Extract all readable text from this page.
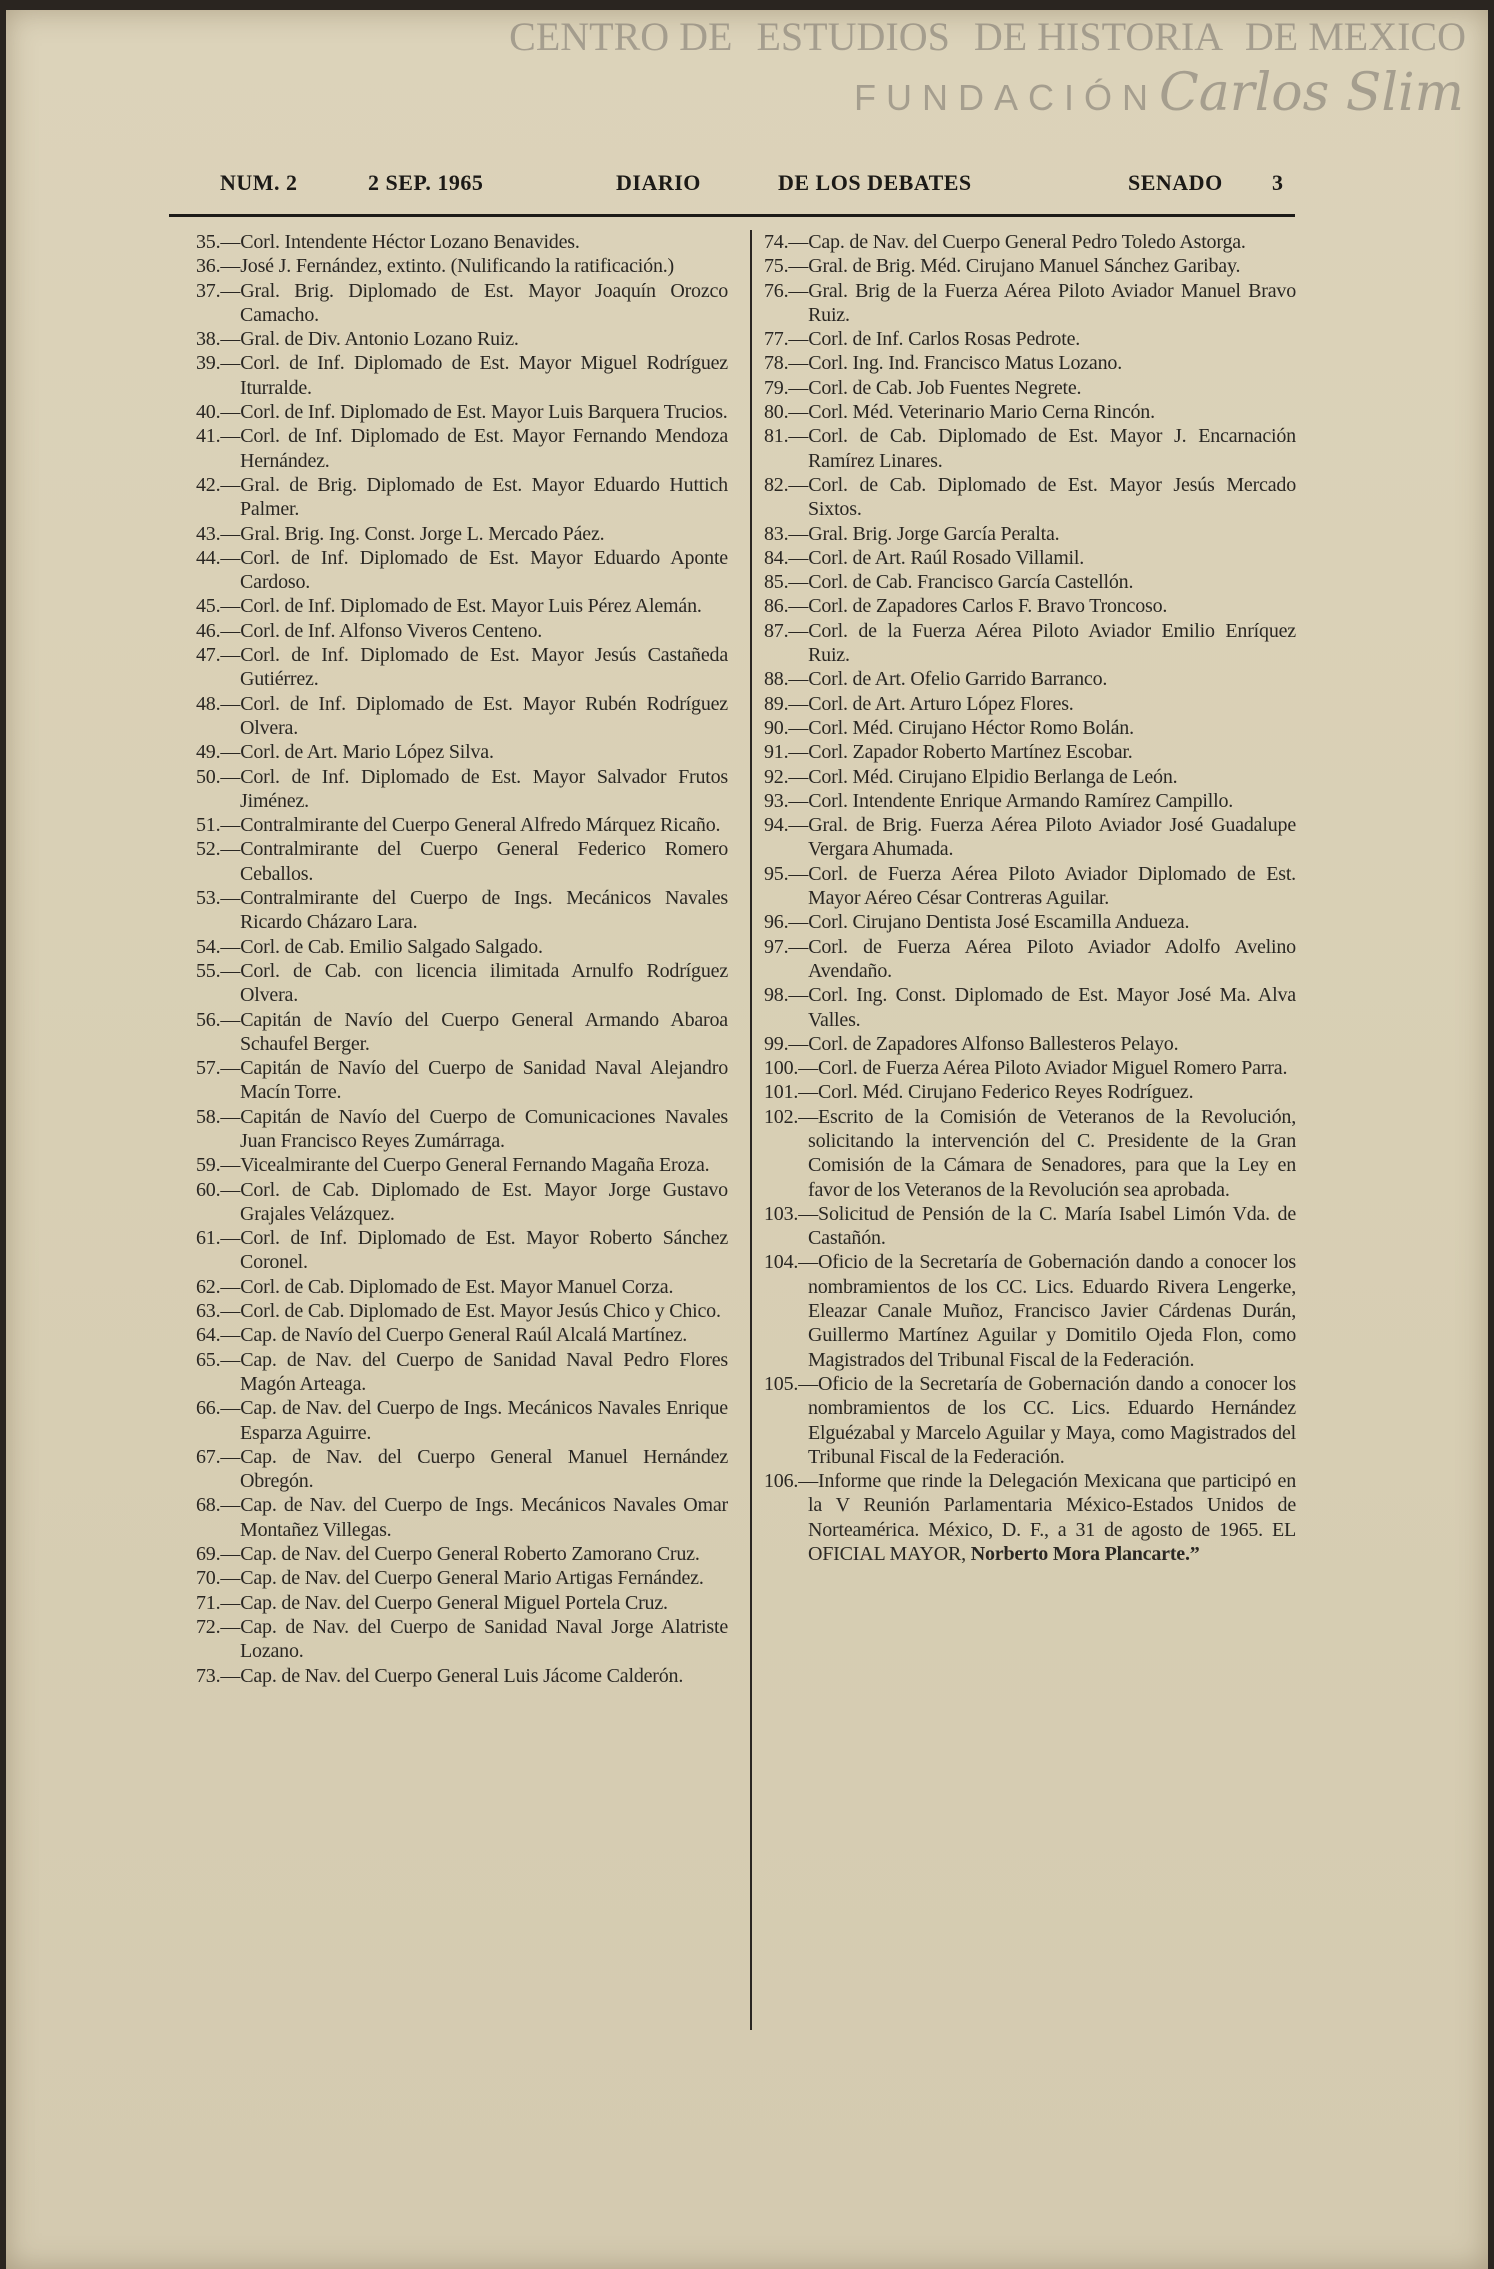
CENTRO DE ESTUDIOS DE HISTORIA DE MEXICO
FUNDACIÓN Carlos Slim
NUM. 2	2 SEP. 1965	DIARIO	DE LOS DEBATES	SENADO 3
35.—Corl. Intendente Héctor Lozano Benavides.
36.—José J. Fernández, extinto. (Nulificando la ratificación.)
37.—Gral. Brig. Diplomado de Est. Mayor Joaquín Orozco Camacho.
38.—Gral. de Div. Antonio Lozano Ruiz.
39.—Corl. de Inf. Diplomado de Est. Mayor Miguel Rodríguez Iturralde.
40.—Corl. de Inf. Diplomado de Est. Mayor Luis Barquera Trucios.
41.—Corl. de Inf. Diplomado de Est. Mayor Fernando Mendoza Hernández.
42.—Gral. de Brig. Diplomado de Est. Mayor Eduardo Huttich Palmer.
43.—Gral. Brig. Ing. Const. Jorge L. Mercado Páez.
44.—Corl. de Inf. Diplomado de Est. Mayor Eduardo Aponte Cardoso.
45.—Corl. de Inf. Diplomado de Est. Mayor Luis Pérez Alemán.
46.—Corl. de Inf. Alfonso Viveros Centeno.
47.—Corl. de Inf. Diplomado de Est. Mayor Jesús Castañeda Gutiérrez.
48.—Corl. de Inf. Diplomado de Est. Mayor Rubén Rodríguez Olvera.
49.—Corl. de Art. Mario López Silva.
50.—Corl. de Inf. Diplomado de Est. Mayor Salvador Frutos Jiménez.
51.—Contralmirante del Cuerpo General Alfredo Márquez Ricaño.
52.—Contralmirante del Cuerpo General Federico Romero Ceballos.
53.—Contralmirante del Cuerpo de Ings. Mecánicos Navales Ricardo Cházaro Lara.
54.—Corl. de Cab. Emilio Salgado Salgado.
55.—Corl. de Cab. con licencia ilimitada Arnulfo Rodríguez Olvera.
56.—Capitán de Navío del Cuerpo General Armando Abaroa Schaufel Berger.
57.—Capitán de Navío del Cuerpo de Sanidad Naval Alejandro Macín Torre.
58.—Capitán de Navío del Cuerpo de Comunicaciones Navales Juan Francisco Reyes Zumárraga.
59.—Vicealmirante del Cuerpo General Fernando Magaña Eroza.
60.—Corl. de Cab. Diplomado de Est. Mayor Jorge Gustavo Grajales Velázquez.
61.—Corl. de Inf. Diplomado de Est. Mayor Roberto Sánchez Coronel.
62.—Corl. de Cab. Diplomado de Est. Mayor Manuel Corza.
63.—Corl. de Cab. Diplomado de Est. Mayor Jesús Chico y Chico.
64.—Cap. de Navío del Cuerpo General Raúl Alcalá Martínez.
65.—Cap. de Nav. del Cuerpo de Sanidad Naval Pedro Flores Magón Arteaga.
66.—Cap. de Nav. del Cuerpo de Ings. Mecánicos Navales Enrique Esparza Aguirre.
67.—Cap. de Nav. del Cuerpo General Manuel Hernández Obregón.
68.—Cap. de Nav. del Cuerpo de Ings. Mecánicos Navales Omar Montañez Villegas.
69.—Cap. de Nav. del Cuerpo General Roberto Zamorano Cruz.
70.—Cap. de Nav. del Cuerpo General Mario Artigas Fernández.
71.—Cap. de Nav. del Cuerpo General Miguel Portela Cruz.
72.—Cap. de Nav. del Cuerpo de Sanidad Naval Jorge Alatriste Lozano.
73.—Cap. de Nav. del Cuerpo General Luis Jácome Calderón.
74.—Cap. de Nav. del Cuerpo General Pedro Toledo Astorga.
75.—Gral. de Brig. Méd. Cirujano Manuel Sánchez Garibay.
76.—Gral. Brig de la Fuerza Aérea Piloto Aviador Manuel Bravo Ruiz.
77.—Corl. de Inf. Carlos Rosas Pedrote.
78.—Corl. Ing. Ind. Francisco Matus Lozano.
79.—Corl. de Cab. Job Fuentes Negrete.
80.—Corl. Méd. Veterinario Mario Cerna Rincón.
81.—Corl. de Cab. Diplomado de Est. Mayor J. Encarnación Ramírez Linares.
82.—Corl. de Cab. Diplomado de Est. Mayor Jesús Mercado Sixtos.
83.—Gral. Brig. Jorge García Peralta.
84.—Corl. de Art. Raúl Rosado Villamil.
85.—Corl. de Cab. Francisco García Castellón.
86.—Corl. de Zapadores Carlos F. Bravo Troncoso.
87.—Corl. de la Fuerza Aérea Piloto Aviador Emilio Enríquez Ruiz.
88.—Corl. de Art. Ofelio Garrido Barranco.
89.—Corl. de Art. Arturo López Flores.
90.—Corl. Méd. Cirujano Héctor Romo Bolán.
91.—Corl. Zapador Roberto Martínez Escobar.
92.—Corl. Méd. Cirujano Elpidio Berlanga de León.
93.—Corl. Intendente Enrique Armando Ramírez Campillo.
94.—Gral. de Brig. Fuerza Aérea Piloto Aviador José Guadalupe Vergara Ahumada.
95.—Corl. de Fuerza Aérea Piloto Aviador Diplomado de Est. Mayor Aéreo César Contreras Aguilar.
96.—Corl. Cirujano Dentista José Escamilla Andueza.
97.—Corl. de Fuerza Aérea Piloto Aviador Adolfo Avelino Avendaño.
98.—Corl. Ing. Const. Diplomado de Est. Mayor José Ma. Alva Valles.
99.—Corl. de Zapadores Alfonso Ballesteros Pelayo.
100.—Corl. de Fuerza Aérea Piloto Aviador Miguel Romero Parra.
101.—Corl. Méd. Cirujano Federico Reyes Rodríguez.
102.—Escrito de la Comisión de Veteranos de la Revolución, solicitando la intervención del C. Presidente de la Gran Comisión de la Cámara de Senadores, para que la Ley en favor de los Veteranos de la Revolución sea aprobada.
103.—Solicitud de Pensión de la C. María Isabel Limón Vda. de Castañón.
104.—Oficio de la Secretaría de Gobernación dando a conocer los nombramientos de los CC. Lics. Eduardo Rivera Lengerke, Eleazar Canale Muñoz, Francisco Javier Cárdenas Durán, Guillermo Martínez Aguilar y Domitilo Ojeda Flon, como Magistrados del Tribunal Fiscal de la Federación.
105.—Oficio de la Secretaría de Gobernación dando a conocer los nombramientos de los CC. Lics. Eduardo Hernández Elguézabal y Marcelo Aguilar y Maya, como Magistrados del Tribunal Fiscal de la Federación.
106.—Informe que rinde la Delegación Mexicana que participó en la V Reunión Parlamentaria México-Estados Unidos de Norteamérica. México, D. F., a 31 de agosto de 1965. EL OFICIAL MAYOR, Norberto Mora Plancarte.”
